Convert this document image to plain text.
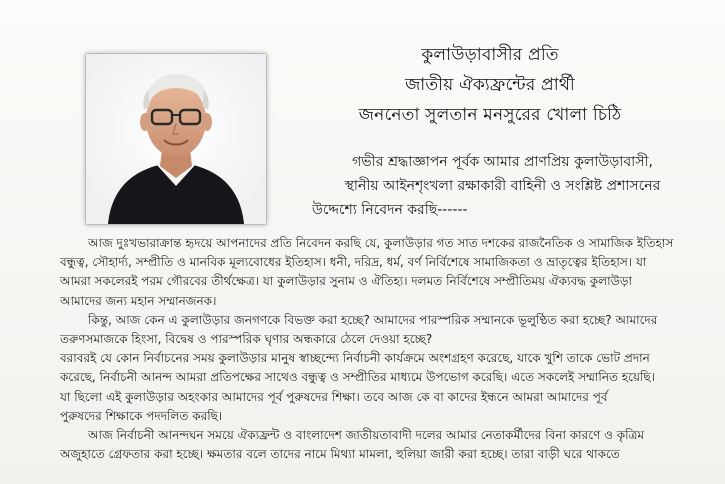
কুলাউড়াবাসীর প্রতি
জাতীয় ঐক্যফ্রন্টের প্রার্থী
জননেতা সুলতান মনসুরের খোলা চিঠি
গভীর শ্রদ্ধাজ্ঞাপন পূর্বক আমার প্রাণপ্রিয় কুলাউড়াবাসী,
স্থানীয় আইনশৃংখলা রক্ষাকারী বাহিনী ও সংশ্লিষ্ট প্রশাসনের
উদ্দেশ্যে নিবেদন করছি------
আজ দুঃখভারাক্রান্ত হৃদয়ে আপনাদের প্রতি নিবেদন করছি যে, কুলাউড়ার গত সাত দশকের রাজনৈতিক ও সামাজিক ইতিহাস
বন্ধুত্ব, সৌহার্দ্য, সম্প্রীতি ও মানবিক মূল্যবোধের ইতিহাস। ধনী, দরিদ্র, ধর্ম, বর্ণ নির্বিশেষে সামাজিকতা ও ভ্রাতৃত্বের ইতিহাস। যা
আমরা সকলেরই পরম গৌরবের তীর্থক্ষেত্র। যা কুলাউড়ার সুনাম ও ঐতিহ্য। দলমত নির্বিশেষে সম্প্রীতিময় ঐক্যবদ্ধ কুলাউড়া
আমাদের জন্য মহান সম্মানজনক।
কিন্তু, আজ কেন এ কুলাউড়ার জনগণকে বিভক্ত করা হচ্ছে? আমাদের পারস্পরিক সম্মানকে ভূলুণ্ঠিত করা হচ্ছে? আমাদের
তরুণসমাজকে হিংসা, বিদ্বেষ ও পারস্পরিক ঘৃণার অন্ধকারে ঠেলে দেওয়া হচ্ছে?
বরাবরই যে কোন নির্বাচনের সময় কুলাউড়ার মানুষ স্বাচ্ছন্দ্যে নির্বাচনী কার্যক্রমে অংশগ্রহণ করেছে, যাকে খুশি তাকে ভোট প্রদান
করেছে, নির্বাচনী আনন্দ আমরা প্রতিপক্ষের সাথেও বন্ধুত্ব ও সম্প্রীতির মাধ্যমে উপভোগ করেছি। এতে সকলেই সম্মানিত হয়েছি।
যা ছিলো এই কুলাউড়ার অহংকার আমাদের পূর্ব পুরুষদের শিক্ষা। তবে আজ কে বা কাদের ইন্ধনে আমরা আমাদের পূর্ব
পুরুষদের শিক্ষাকে পদদলিত করছি।
আজ নির্বাচনী আনন্দঘন সময়ে ঐক্যফ্রন্ট ও বাংলাদেশ জাতীয়তাবাদী দলের আমার নেতাকর্মীদের বিনা কারণে ও কৃত্রিম
অজুহাতে গ্রেফতার করা হচ্ছে। ক্ষমতার বলে তাদের নামে মিথ্যা মামলা, হুলিয়া জারী করা হচ্ছে। তারা বাড়ী ঘরে থাকতে
